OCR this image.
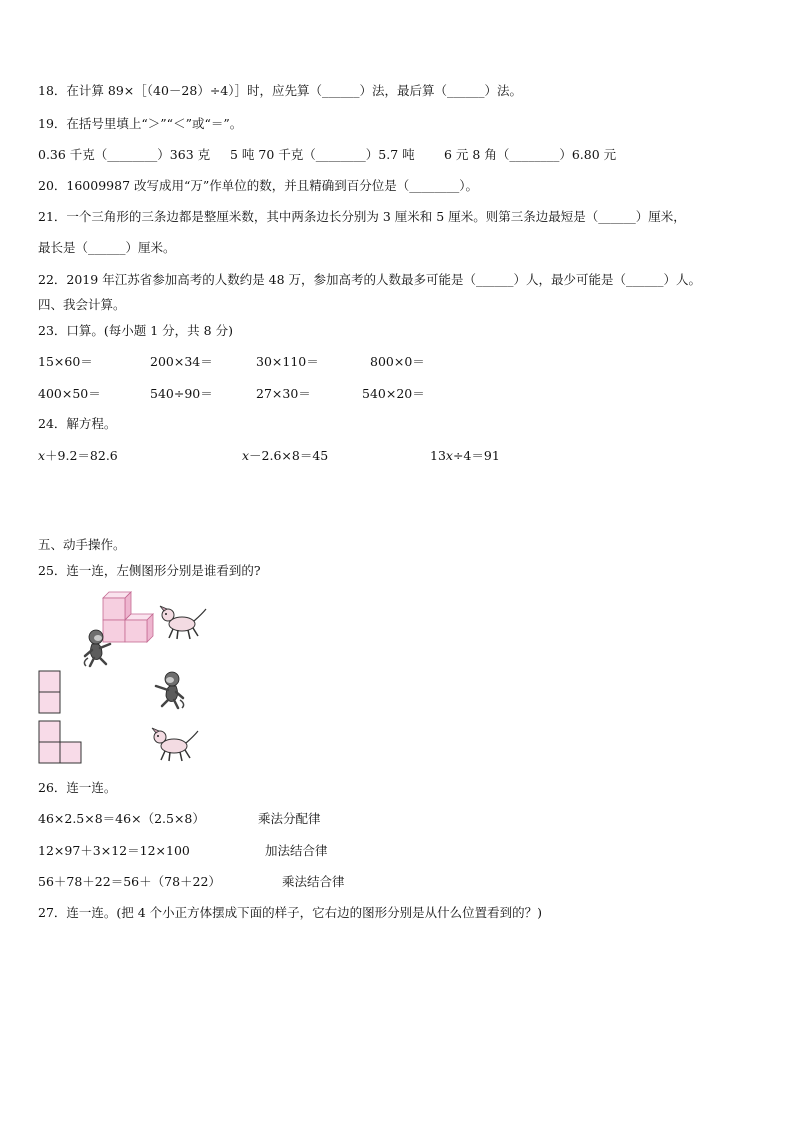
18．在计算 89×［（40－28）÷4）］时，应先算（______）法，最后算（______）法。
19．在括号里填上“＞”“＜”或“＝”。
0.36 千克（________）363 克 5 吨 70 千克（________）5.7 吨 6 元 8 角（________）6.80 元
20．16009987 改写成用“万”作单位的数，并且精确到百分位是（________）。
21．一个三角形的三条边都是整厘米数，其中两条边长分别为 3 厘米和 5 厘米。则第三条边最短是（______）厘米，
最长是（______）厘米。
22．2019 年江苏省参加高考的人数约是 48 万，参加高考的人数最多可能是（______）人，最少可能是（______）人。
四、我会计算。
23．口算。(每小题 1 分，共 8 分)
15×60＝	200×34＝	30×110＝	800×0＝
400×50＝	540÷90＝	27×30＝	540×20＝
24．解方程。
𝑥＋9.2＝82.6	𝑥－2.6×8＝45	13𝑥÷4＝91
五、动手操作。
25．连一连，左侧图形分别是谁看到的?
26．连一连。
46×2.5×8＝46×（2.5×8）	乘法分配律
12×97＋3×12＝12×100	加法结合律
56＋78＋22＝56＋（78＋22）	乘法结合律
27．连一连。(把 4 个小正方体摆成下面的样子，它右边的图形分别是从什么位置看到的？)
